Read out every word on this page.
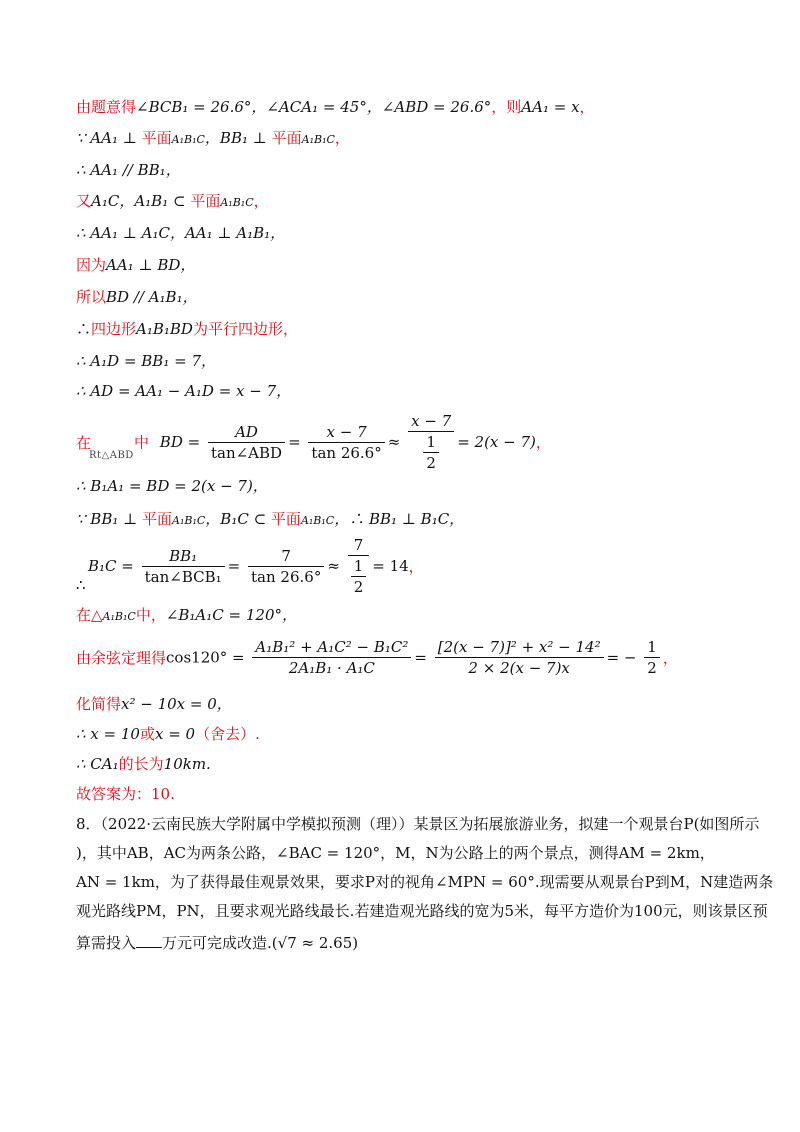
由题意得∠BCB₁ = 26.6°，∠ACA₁ = 45°，∠ABD = 26.6°，则AA₁ = x，
∵ AA₁ ⊥ 平面A₁B₁C，BB₁ ⊥ 平面A₁B₁C，
∴ AA₁ // BB₁，
又A₁C，A₁B₁ ⊂ 平面A₁B₁C，
∴ AA₁ ⊥ A₁C，AA₁ ⊥ A₁B₁，
因为AA₁ ⊥ BD，
所以BD // A₁B₁，
∴四边形A₁B₁BD为平行四边形，
∴ A₁D = BB₁ = 7，
∴ AD = AA₁ − A₁D = x − 7，
在	中 BD = $\frac{AD}{\text{tan∠ABD}} = \frac{x - 7}{\tan 26.6^\circ} \approx \frac{x - 7}{\frac{1}{2}} = 2(x - 7)$，
Rt△ABD
∴ B₁A₁ = BD = 2(x − 7)，
∵ BB₁ ⊥ 平面A₁B₁C，B₁C ⊂ 平面A₁B₁C，∴ BB₁ ⊥ B₁C，
$B_1C = \frac{\text{BB₁}}{\text{tan∠BCB₁}} = \frac{7}{\tan 26.6^\circ} \approx \frac{7}{\frac{1}{2}} = 14$，
∴
在△A₁B₁C中，∠B₁A₁C = 120°，
由余弦定理得$\cos 120^\circ = \frac{\text{A₁B₁² + A₁C² − B₁C²}}{\text{2A₁B₁ · A₁C}} = \frac{\text{[2(x − 7)]² + x² − 14²}}{2 \times 2(x - 7)x}$ = − $\frac{1}{2}$ ，
化简得x² − 10x = 0，
∴ x = 10或x = 0（舍去）.
∴ CA₁的长为10km.
故答案为：10.
8．（2022·云南民族大学附属中学模拟预测（理））某景区为拓展旅游业务，拟建一个观景台P(如图所示
)，其中AB，AC为两条公路，∠BAC = 120°，M，N为公路上的两个景点，测得AM = 2km，
AN = 1km，为了获得最佳观景效果，要求P对的视角∠MPN = 60°.现需要从观景台P到M，N建造两条
观光路线PM，PN，且要求观光路线最长.若建造观光路线的宽为5米，每平方造价为100元，则该景区预
算需投入 万元可完成改造.(√7 ≈ 2.65)
